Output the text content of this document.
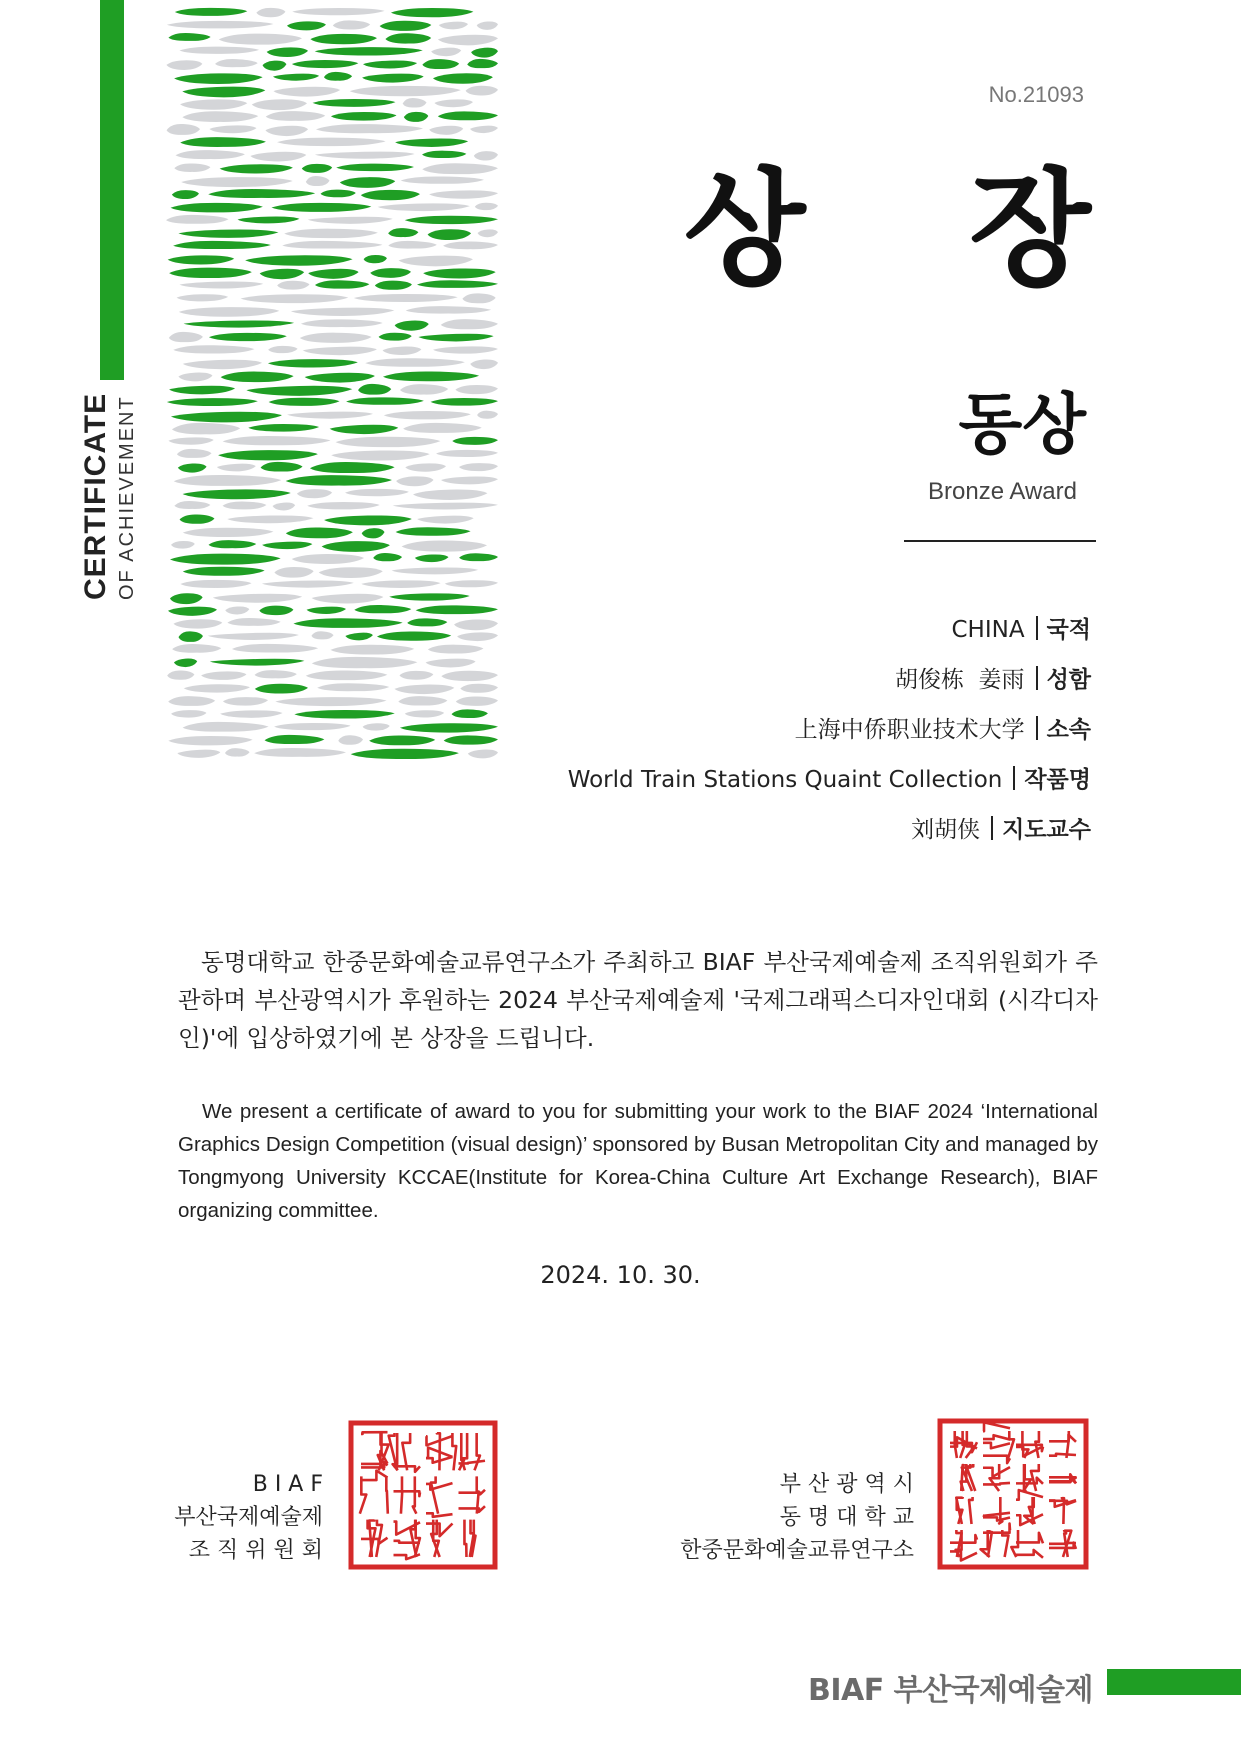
CERTIFICATE OF ACHIEVEMENT
No.21093
상 장
동상
Bronze Award
CHINA 국적
胡俊栋  姜雨 성함
上海中侨职业技术大学 소속
World Train Stations Quaint Collection 작품명
刘胡侠 지도교수
동명대학교 한중문화예술교류연구소가 주최하고 BIAF 부산국제예술제 조직위원회가 주관하며 부산광역시가 후원하는 2024 부산국제예술제 '국제그래픽스디자인대회 (시각디자인)'에 입상하였기에 본 상장을 드립니다.
We present a certificate of award to you for submitting your work to the BIAF 2024 ‘International Graphics Design Competition (visual design)’ sponsored by Busan Metropolitan City and managed by Tongmyong University KCCAE(Institute for Korea-China Culture Art Exchange Research), BIAF organizing committee.
2024. 10. 30.
B I A F
부산국제예술제
조 직 위 원 회
부 산 광 역 시
동 명 대 학 교
한중문화예술교류연구소
BIAF 부산국제예술제
